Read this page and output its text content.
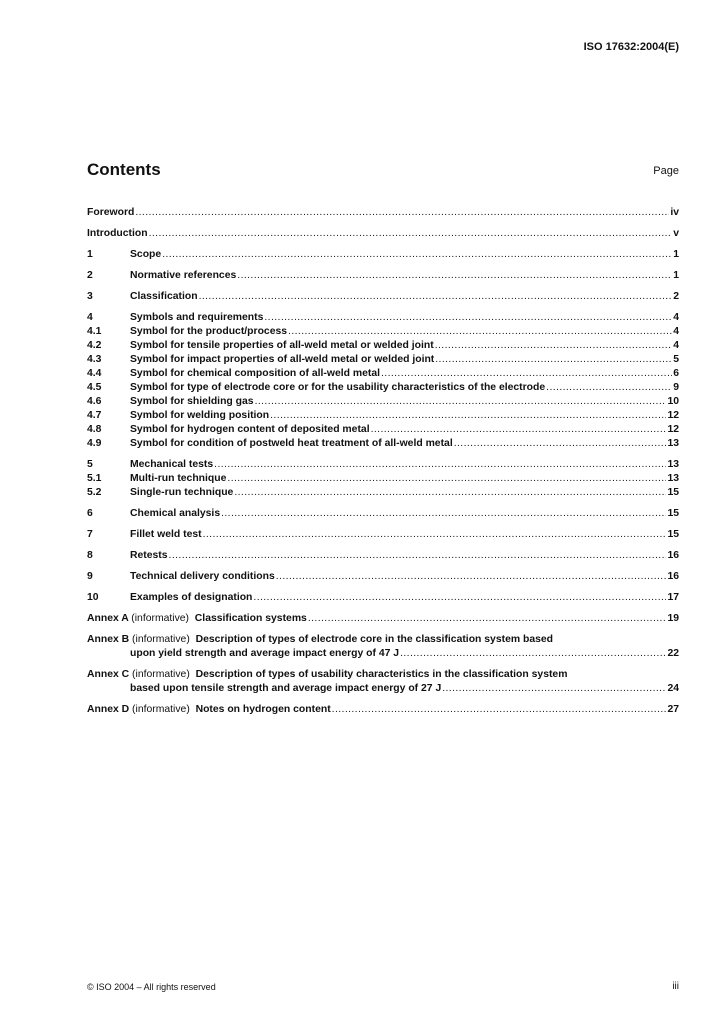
ISO 17632:2004(E)
Contents	Page
Foreword .....	iv
Introduction .....	v
1	Scope .....	1
2	Normative references .....	1
3	Classification .....	2
4	Symbols and requirements .....	4
4.1	Symbol for the product/process .....	4
4.2	Symbol for tensile properties of all-weld metal or welded joint .....	4
4.3	Symbol for impact properties of all-weld metal or welded joint .....	5
4.4	Symbol for chemical composition of all-weld metal .....	6
4.5	Symbol for type of electrode core or for the usability characteristics of the electrode .....	9
4.6	Symbol for shielding gas .....	10
4.7	Symbol for welding position .....	12
4.8	Symbol for hydrogen content of deposited metal .....	12
4.9	Symbol for condition of postweld heat treatment of all-weld metal .....	13
5	Mechanical tests .....	13
5.1	Multi-run technique .....	13
5.2	Single-run technique .....	15
6	Chemical analysis .....	15
7	Fillet weld test .....	15
8	Retests .....	16
9	Technical delivery conditions .....	16
10	Examples of designation .....	17
Annex A (informative) Classification systems .....	19
Annex B (informative) Description of types of electrode core in the classification system based
upon yield strength and average impact energy of 47 J .....	22
Annex C (informative) Description of types of usability characteristics in the classification system
based upon tensile strength and average impact energy of 27 J .....	24
Annex D (informative) Notes on hydrogen content .....	27
© ISO 2004 – All rights reserved	iii
